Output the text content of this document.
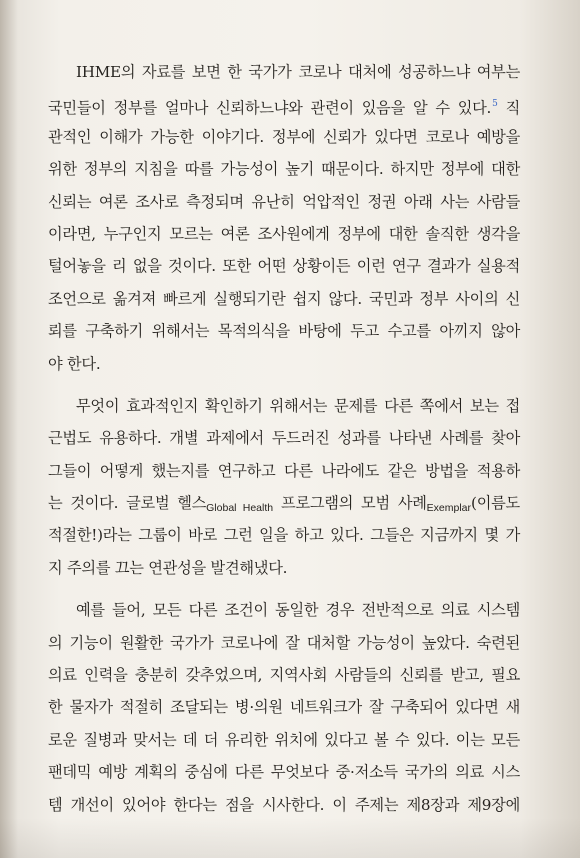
IHME의 자료를 보면 한 국가가 코로나 대처에 성공하느냐 여부는
국민들이 정부를 얼마나 신뢰하느냐와 관련이 있음을 알 수 있다.$^5$ 직
관적인 이해가 가능한 이야기다. 정부에 신뢰가 있다면 코로나 예방을
위한 정부의 지침을 따를 가능성이 높기 때문이다. 하지만 정부에 대한
신뢰는 여론 조사로 측정되며 유난히 억압적인 정권 아래 사는 사람들
이라면, 누구인지 모르는 여론 조사원에게 정부에 대한 솔직한 생각을
털어놓을 리 없을 것이다. 또한 어떤 상황이든 이런 연구 결과가 실용적
조언으로 옮겨져 빠르게 실행되기란 쉽지 않다. 국민과 정부 사이의 신
뢰를 구축하기 위해서는 목적의식을 바탕에 두고 수고를 아끼지 않아
야 한다.
무엇이 효과적인지 확인하기 위해서는 문제를 다른 쪽에서 보는 접
근법도 유용하다. 개별 과제에서 두드러진 성과를 나타낸 사례를 찾아
그들이 어떻게 했는지를 연구하고 다른 나라에도 같은 방법을 적용하
는 것이다. 글로벌 헬스Global Health 프로그램의 모범 사례Exemplar(이름도
적절한!)라는 그룹이 바로 그런 일을 하고 있다. 그들은 지금까지 몇 가
지 주의를 끄는 연관성을 발견해냈다.
예를 들어, 모든 다른 조건이 동일한 경우 전반적으로 의료 시스템
의 기능이 원활한 국가가 코로나에 잘 대처할 가능성이 높았다. 숙련된
의료 인력을 충분히 갖추었으며, 지역사회 사람들의 신뢰를 받고, 필요
한 물자가 적절히 조달되는 병·의원 네트워크가 잘 구축되어 있다면 새
로운 질병과 맞서는 데 더 유리한 위치에 있다고 볼 수 있다. 이는 모든
팬데믹 예방 계획의 중심에 다른 무엇보다 중·저소득 국가의 의료 시스
템 개선이 있어야 한다는 점을 시사한다. 이 주제는 제8장과 제9장에
